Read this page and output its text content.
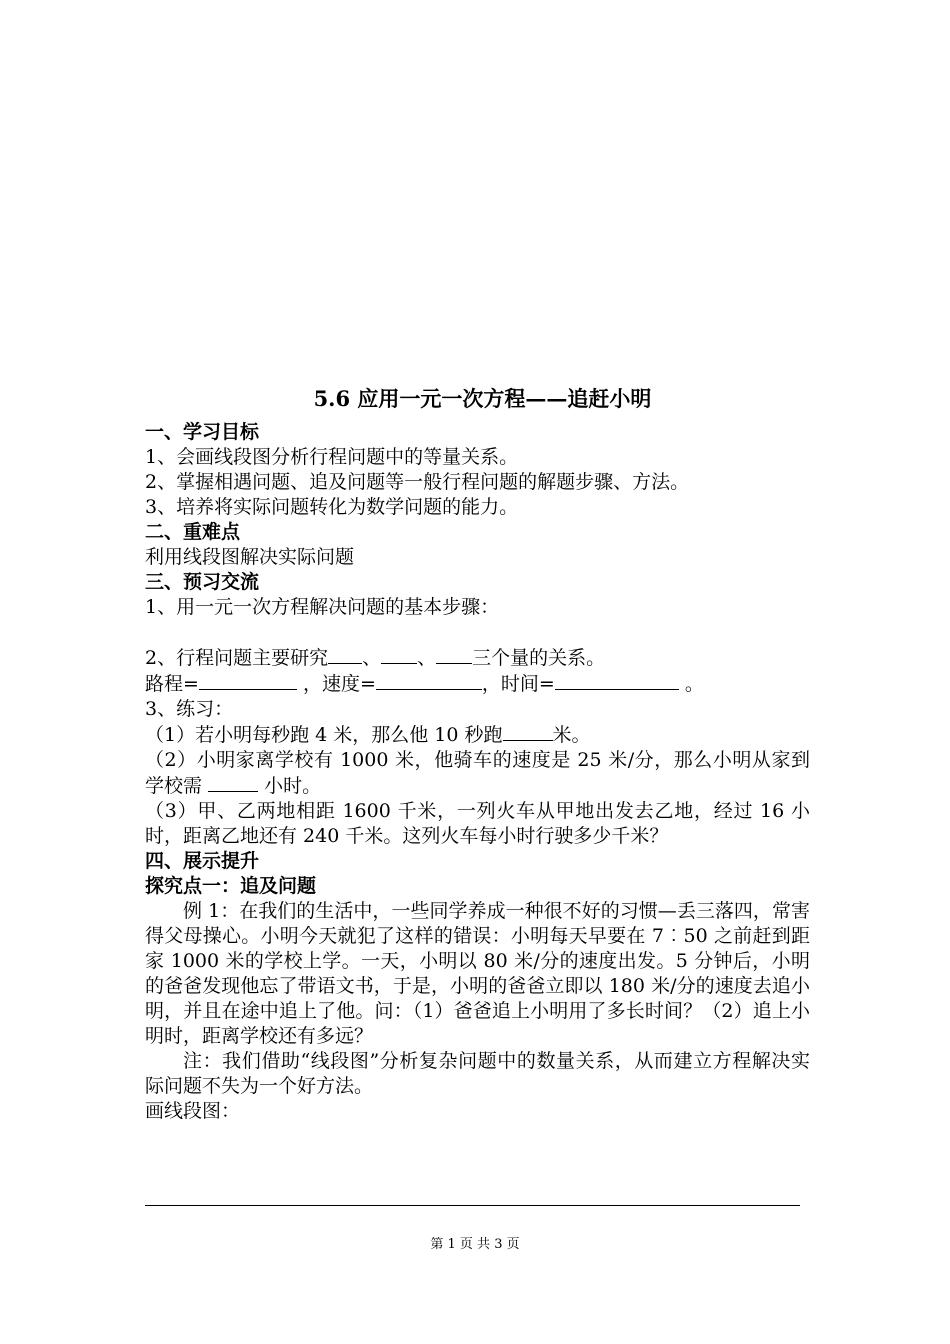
5.6 应用一元一次方程——追赶小明
一、学习目标
1、会画线段图分析行程问题中的等量关系。
2、掌握相遇问题、追及问题等一般行程问题的解题步骤、方法。
3、培养将实际问题转化为数学问题的能力。
二、重难点
利用线段图解决实际问题
三、预习交流
1、用一元一次方程解决问题的基本步骤：
2、行程问题主要研究 、 、 三个量的关系。
路程=	，速度=	，时间=	。
3、练习：
（1）若小明每秒跑 4 米，那么他 10 秒跑	米。
（2）小明家离学校有 1000 米，他骑车的速度是 25 米/分，那么小明从家到学校需	小时。
（3）甲、乙两地相距 1600 千米，一列火车从甲地出发去乙地，经过 16 小时，距离乙地还有 240 千米。这列火车每小时行驶多少千米？
四、展示提升
探究点一：追及问题
例 1：在我们的生活中，一些同学养成一种很不好的习惯—丢三落四，常害得父母操心。小明今天就犯了这样的错误：小明每天早要在 7︰50 之前赶到距家 1000 米的学校上学。一天，小明以 80 米/分的速度出发。5 分钟后，小明的爸爸发现他忘了带语文书，于是，小明的爸爸立即以 180 米/分的速度去追小明，并且在途中追上了他。问：（1）爸爸追上小明用了多长时间？（2）追上小明时，距离学校还有多远？
注：我们借助“线段图”分析复杂问题中的数量关系，从而建立方程解决实际问题不失为一个好方法。
画线段图：
第 1 页 共 3 页
